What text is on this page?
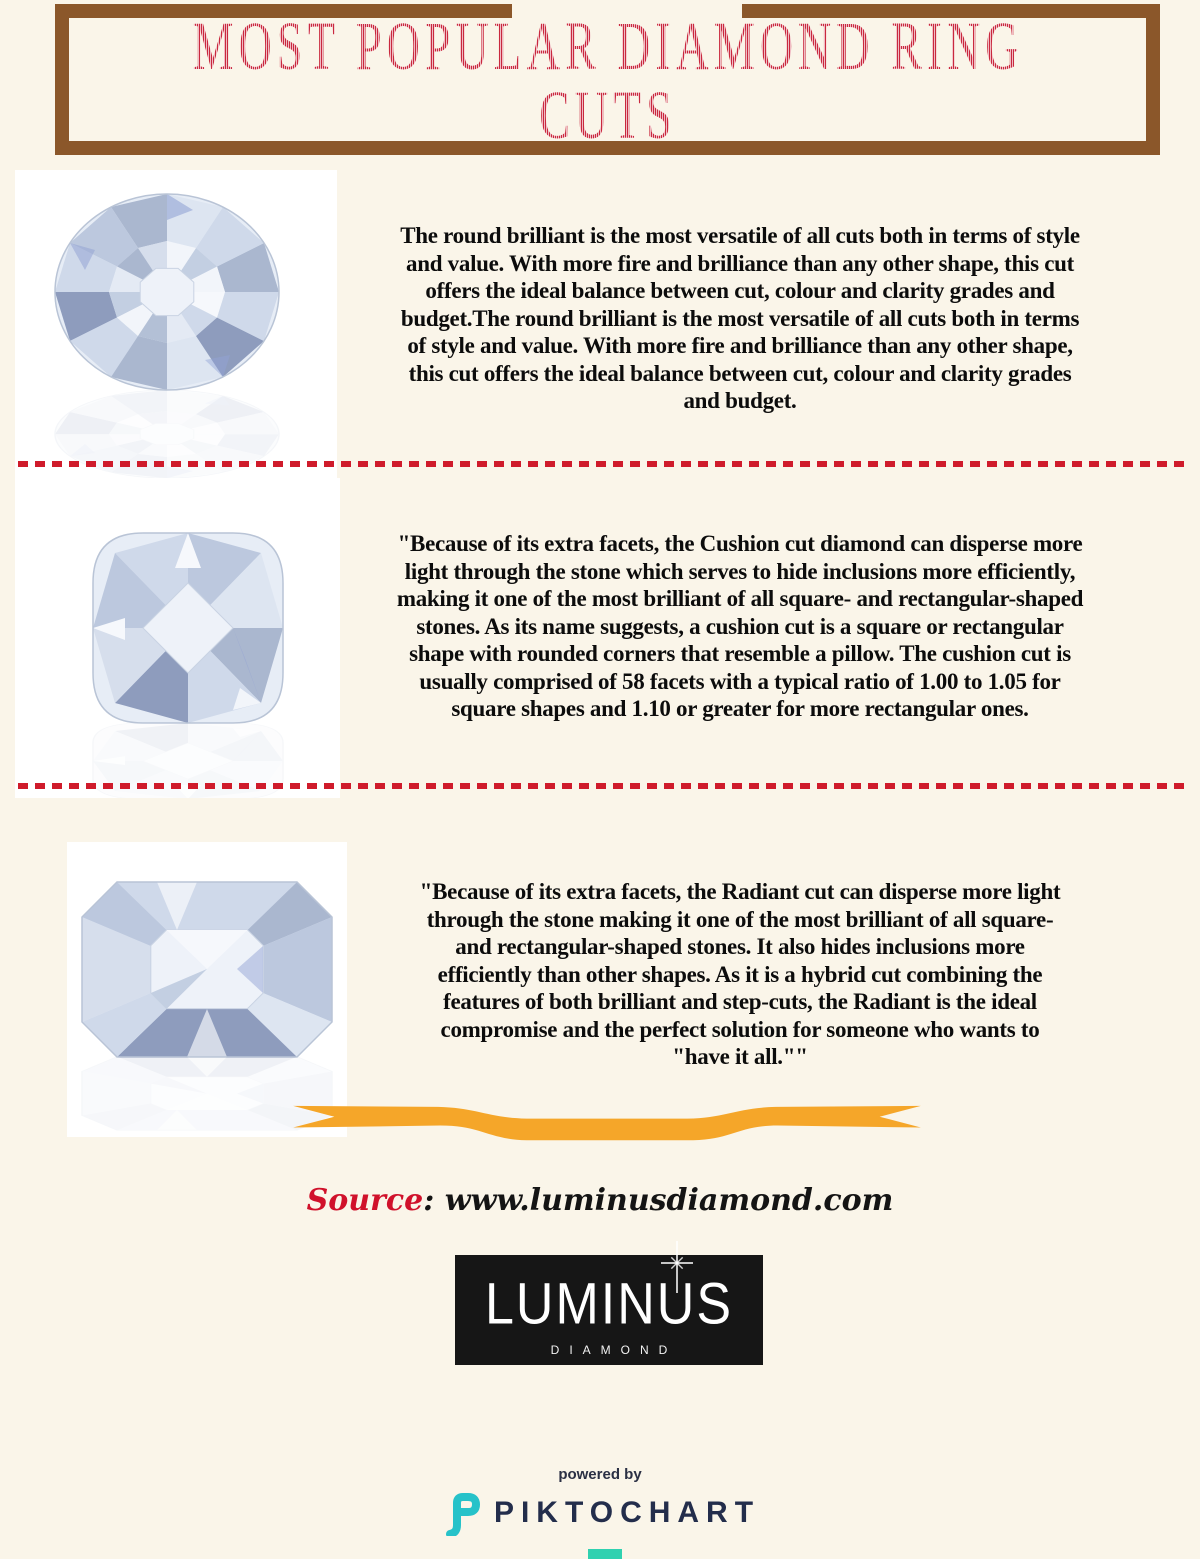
MOST POPULAR DIAMOND RING
CUTS

The round brilliant is the most versatile of all cuts both in terms of style and value. With more fire and brilliance than any other shape, this cut offers the ideal balance between cut, colour and clarity grades and budget.The round brilliant is the most versatile of all cuts both in terms of style and value. With more fire and brilliance than any other shape, this cut offers the ideal balance between cut, colour and clarity grades and budget.

"Because of its extra facets, the Cushion cut diamond can disperse more light through the stone which serves to hide inclusions more efficiently, making it one of the most brilliant of all square- and rectangular-shaped stones. As its name suggests, a cushion cut is a square or rectangular shape with rounded corners that resemble a pillow. The cushion cut is usually comprised of 58 facets with a typical ratio of 1.00 to 1.05 for square shapes and 1.10 or greater for more rectangular ones.

"Because of its extra facets, the Radiant cut can disperse more light through the stone making it one of the most brilliant of all square- and rectangular-shaped stones. It also hides inclusions more efficiently than other shapes. As it is a hybrid cut combining the features of both brilliant and step-cuts, the Radiant is the ideal compromise and the perfect solution for someone who wants to "have it all.""

Source: www.luminusdiamond.com

LUMINUS

DIAMOND

powered by

PIKTOCHART
